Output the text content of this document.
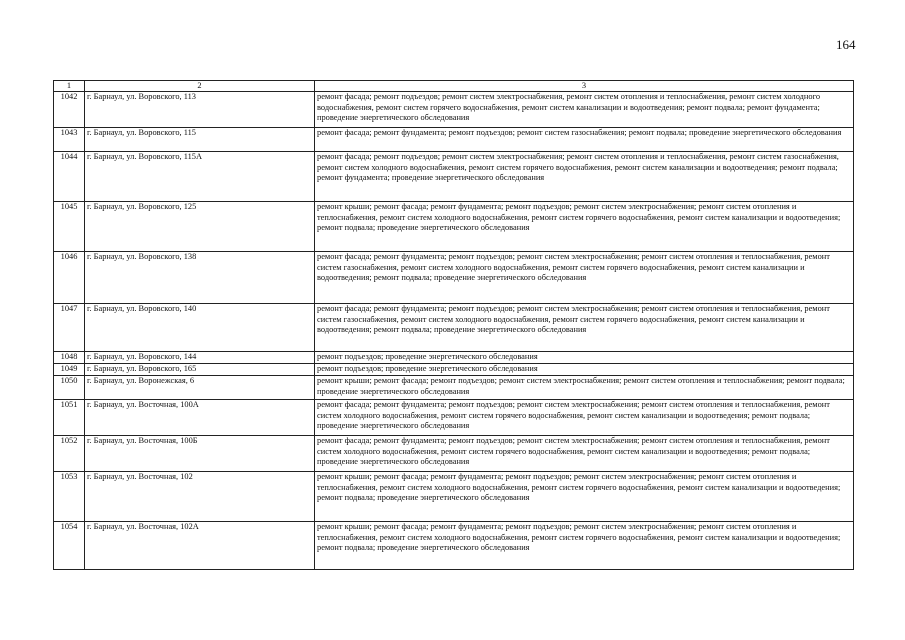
164
1	2	3
1042	г. Барнаул, ул. Воровского, 113	ремонт фасада; ремонт подъездов; ремонт систем электроснабжения, ремонт систем отопления и теплоснабжения, ремонт систем холодного водоснабжения, ремонт систем горячего водоснабжения, ремонт систем канализации и водоотведения; ремонт подвала; ремонт фундамента; проведение энергетического обследования
1043	г. Барнаул, ул. Воровского, 115	ремонт фасада; ремонт фундамента; ремонт подъездов; ремонт систем газоснабжения; ремонт подвала; проведение энергетического обследования
1044	г. Барнаул, ул. Воровского, 115А	ремонт фасада; ремонт подъездов; ремонт систем электроснабжения; ремонт систем отопления и теплоснабжения, ремонт систем газоснабжения, ремонт систем холодного водоснабжения, ремонт систем горячего водоснабжения, ремонт систем канализации и водоотведения; ремонт подвала; ремонт фундамента; проведение энергетического обследования
1045	г. Барнаул, ул. Воровского, 125	ремонт крыши; ремонт фасада; ремонт фундамента; ремонт подъездов; ремонт систем электроснабжения; ремонт систем отопления и теплоснабжения, ремонт систем холодного водоснабжения, ремонт систем горячего водоснабжения, ремонт систем канализации и водоотведения; ремонт подвала; проведение энергетического обследования
1046	г. Барнаул, ул. Воровского, 138	ремонт фасада; ремонт фундамента; ремонт подъездов; ремонт систем электроснабжения; ремонт систем отопления и теплоснабжения, ремонт систем газоснабжения, ремонт систем холодного водоснабжения, ремонт систем горячего водоснабжения, ремонт систем канализации и водоотведения; ремонт подвала; проведение энергетического обследования
1047	г. Барнаул, ул. Воровского, 140	ремонт фасада; ремонт фундамента; ремонт подъездов; ремонт систем электроснабжения; ремонт систем отопления и теплоснабжения, ремонт систем газоснабжения, ремонт систем холодного водоснабжения, ремонт систем горячего водоснабжения, ремонт систем канализации и водоотведения; ремонт подвала; проведение энергетического обследования
1048	г. Барнаул, ул. Воровского, 144	ремонт подъездов; проведение энергетического обследования
1049	г. Барнаул, ул. Воровского, 165	ремонт подъездов; проведение энергетического обследования
1050	г. Барнаул, ул. Воронежская, 6	ремонт крыши; ремонт фасада; ремонт подъездов; ремонт систем электроснабжения; ремонт систем отопления и теплоснабжения; ремонт подвала; проведение энергетического обследования
1051	г. Барнаул, ул. Восточная, 100А	ремонт фасада; ремонт фундамента; ремонт подъездов; ремонт систем электроснабжения; ремонт систем отопления и теплоснабжения, ремонт систем холодного водоснабжения, ремонт систем горячего водоснабжения, ремонт систем канализации и водоотведения; ремонт подвала; проведение энергетического обследования
1052	г. Барнаул, ул. Восточная, 100Б	ремонт фасада; ремонт фундамента; ремонт подъездов; ремонт систем электроснабжения; ремонт систем отопления и теплоснабжения, ремонт систем холодного водоснабжения, ремонт систем горячего водоснабжения, ремонт систем канализации и водоотведения; ремонт подвала; проведение энергетического обследования
1053	г. Барнаул, ул. Восточная, 102	ремонт крыши; ремонт фасада; ремонт фундамента; ремонт подъездов; ремонт систем электроснабжения; ремонт систем отопления и теплоснабжения, ремонт систем холодного водоснабжения, ремонт систем горячего водоснабжения, ремонт систем канализации и водоотведения; ремонт подвала; проведение энергетического обследования
1054	г. Барнаул, ул. Восточная, 102А	ремонт крыши; ремонт фасада; ремонт фундамента; ремонт подъездов; ремонт систем электроснабжения; ремонт систем отопления и теплоснабжения, ремонт систем холодного водоснабжения, ремонт систем горячего водоснабжения, ремонт систем канализации и водоотведения; ремонт подвала; проведение энергетического обследования
